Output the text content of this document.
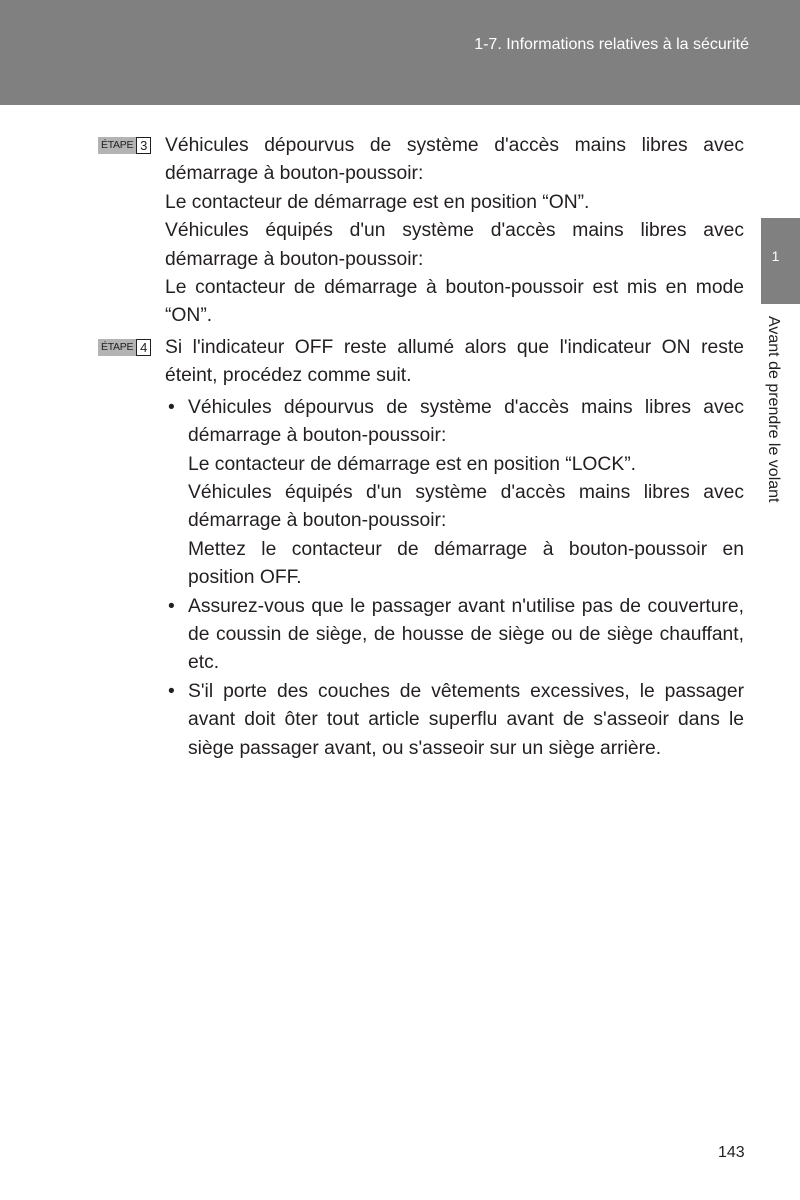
1-7. Informations relatives à la sécurité
1
Avant de prendre le volant
ÉTAPE 3 Véhicules dépourvus de système d'accès mains libres avec démarrage à bouton-poussoir:

Le contacteur de démarrage est en position “ON”.

Véhicules équipés d'un système d'accès mains libres avec démarrage à bouton-poussoir:

Le contacteur de démarrage à bouton-poussoir est mis en mode “ON”.

ÉTAPE 4 Si l'indicateur OFF reste allumé alors que l'indicateur ON reste éteint, procédez comme suit.

• Véhicules dépourvus de système d'accès mains libres avec démarrage à bouton-poussoir:

Le contacteur de démarrage est en position “LOCK”.

Véhicules équipés d'un système d'accès mains libres avec démarrage à bouton-poussoir:

Mettez le contacteur de démarrage à bouton-poussoir en position OFF.

• Assurez-vous que le passager avant n'utilise pas de couverture, de coussin de siège, de housse de siège ou de siège chauffant, etc.

• S'il porte des couches de vêtements excessives, le passager avant doit ôter tout article superflu avant de s'asseoir dans le siège passager avant, ou s'asseoir sur un siège arrière.

143
